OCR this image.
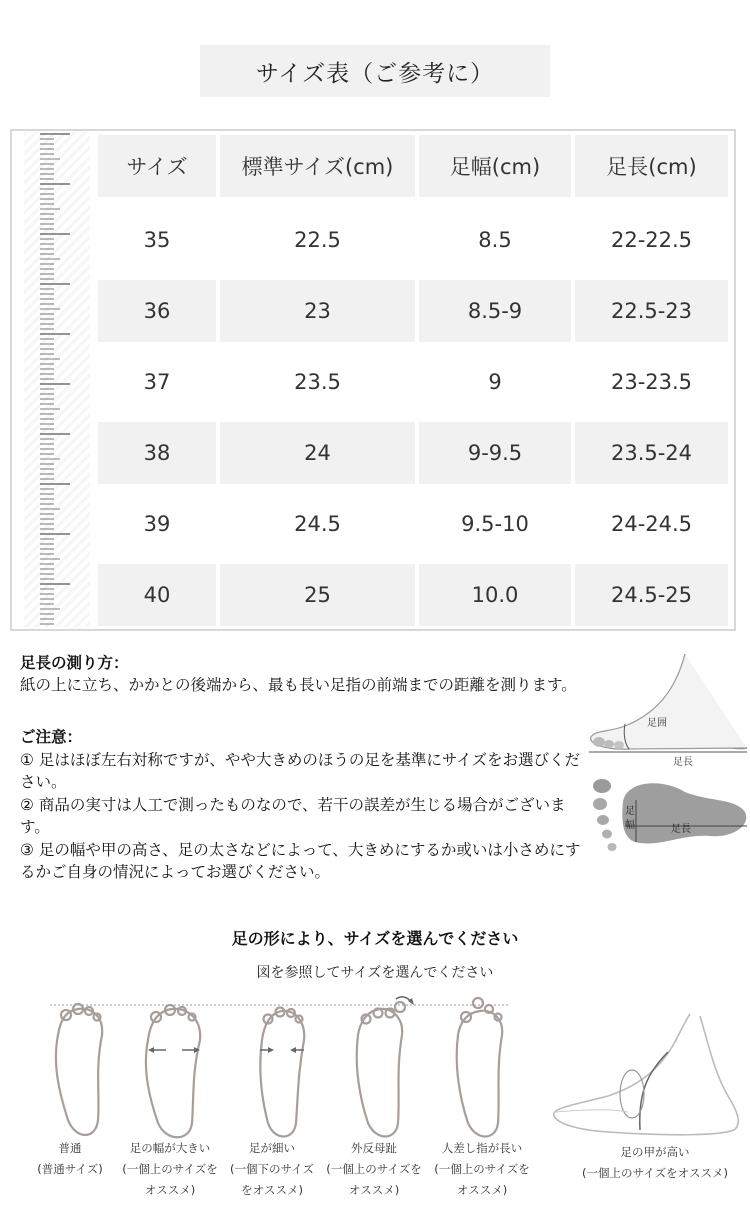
サイズ表（ご参考に）
サイズ	標準サイズ(cm)	足幅(cm)	足長(cm)
35	22.5	8.5	22-22.5
36	23	8.5-9	22.5-23
37	23.5	9	23-23.5
38	24	9-9.5	23.5-24
39	24.5	9.5-10	24-24.5
40	25	10.0	24.5-25
足長の測り方：
紙の上に立ち、かかとの後端から、最も長い足指の前端までの距離を測ります。
ご注意：
① 足はほぼ左右対称ですが、やや大きめのほうの足を基準にサイズをお選びください。
② 商品の実寸は人工で測ったものなので、若干の誤差が生じる場合がございます。
③ 足の幅や甲の高さ、足の太さなどによって、大きめにするか或いは小さめにするかご自身の情況によってお選びください。
足囲
足長
足
幅	足長
足の形により、サイズを選んでください
図を参照してサイズを選んでください
普通
(普通サイズ)
足の幅が大きい
(一個上のサイズをオススメ)
足が細い
(一個下のサイズをオススメ)
外反母趾
(一個上のサイズをオススメ)
人差し指が長い
(一個上のサイズをオススメ)
足の甲が高い
(一個上のサイズをオススメ)
